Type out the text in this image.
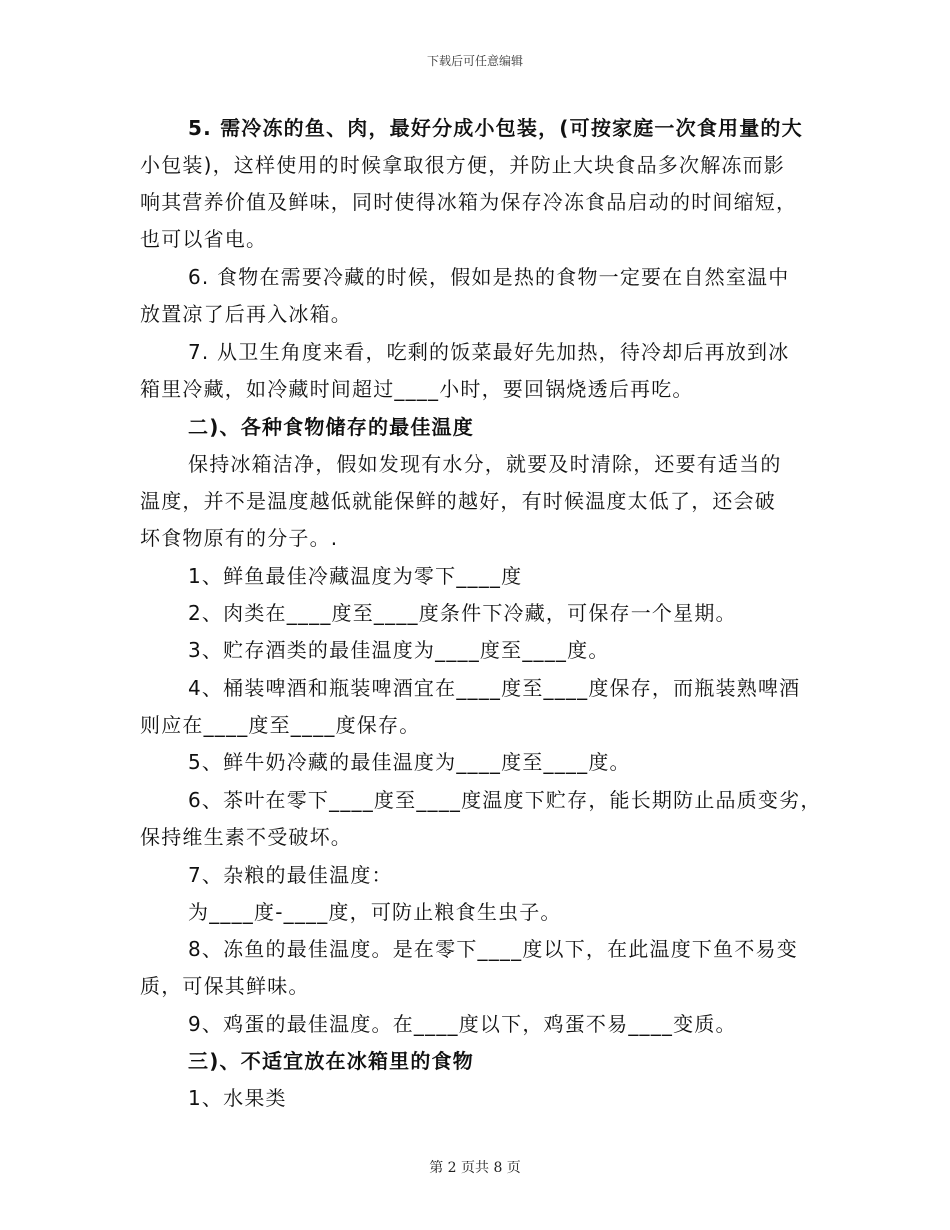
下载后可任意编辑
5. 需冷冻的鱼、肉，最好分成小包装，(可按家庭一次食用量的大
小包装)，这样使用的时候拿取很方便，并防止大块食品多次解冻而影
响其营养价值及鲜味，同时使得冰箱为保存冷冻食品启动的时间缩短，
也可以省电。
6. 食物在需要冷藏的时候，假如是热的食物一定要在自然室温中
放置凉了后再入冰箱。
7. 从卫生角度来看，吃剩的饭菜最好先加热，待冷却后再放到冰
箱里冷藏，如冷藏时间超过____小时，要回锅烧透后再吃。
二)、各种食物储存的最佳温度
保持冰箱洁净，假如发现有水分，就要及时清除，还要有适当的
温度，并不是温度越低就能保鲜的越好，有时候温度太低了，还会破
坏食物原有的分子。.
1、鲜鱼最佳冷藏温度为零下____度
2、肉类在____度至____度条件下冷藏，可保存一个星期。
3、贮存酒类的最佳温度为____度至____度。
4、桶装啤酒和瓶装啤酒宜在____度至____度保存，而瓶装熟啤酒
则应在____度至____度保存。
5、鲜牛奶冷藏的最佳温度为____度至____度。
6、茶叶在零下____度至____度温度下贮存，能长期防止品质变劣，
保持维生素不受破坏。
7、杂粮的最佳温度：
为____度-____度，可防止粮食生虫子。
8、冻鱼的最佳温度。是在零下____度以下，在此温度下鱼不易变
质，可保其鲜味。
9、鸡蛋的最佳温度。在____度以下，鸡蛋不易____变质。
三)、不适宜放在冰箱里的食物
1、水果类
第 2 页共 8 页
